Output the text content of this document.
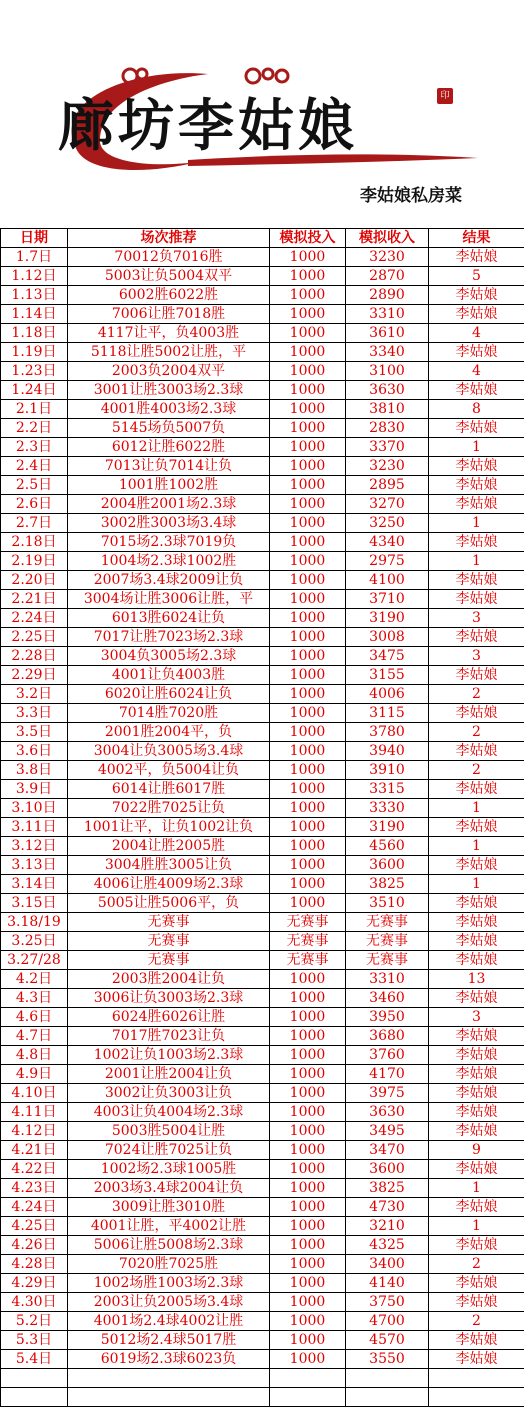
廊坊李姑娘	印
李姑娘私房菜
日期	场次推荐	模拟投入	模拟收入	结果
1.7日	70012负7016胜	1000	3230	李姑娘
1.12日	5003让负5004双平	1000	2870	5
1.13日	6002胜6022胜	1000	2890	李姑娘
1.14日	7006让胜7018胜	1000	3310	李姑娘
1.18日	4117让平，负4003胜	1000	3610	4
1.19日	5118让胜5002让胜，平	1000	3340	李姑娘
1.23日	2003负2004双平	1000	3100	4
1.24日	3001让胜3003场2.3球	1000	3630	李姑娘
2.1日	4001胜4003场2.3球	1000	3810	8
2.2日	5145场负5007负	1000	2830	李姑娘
2.3日	6012让胜6022胜	1000	3370	1
2.4日	7013让负7014让负	1000	3230	李姑娘
2.5日	1001胜1002胜	1000	2895	李姑娘
2.6日	2004胜2001场2.3球	1000	3270	李姑娘
2.7日	3002胜3003场3.4球	1000	3250	1
2.18日	7015场2.3球7019负	1000	4340	李姑娘
2.19日	1004场2.3球1002胜	1000	2975	1
2.20日	2007场3.4球2009让负	1000	4100	李姑娘
2.21日	3004场让胜3006让胜，平	1000	3710	李姑娘
2.24日	6013胜6024让负	1000	3190	3
2.25日	7017让胜7023场2.3球	1000	3008	李姑娘
2.28日	3004负3005场2.3球	1000	3475	3
2.29日	4001让负4003胜	1000	3155	李姑娘
3.2日	6020让胜6024让负	1000	4006	2
3.3日	7014胜7020胜	1000	3115	李姑娘
3.5日	2001胜2004平，负	1000	3780	2
3.6日	3004让负3005场3.4球	1000	3940	李姑娘
3.8日	4002平，负5004让负	1000	3910	2
3.9日	6014让胜6017胜	1000	3315	李姑娘
3.10日	7022胜7025让负	1000	3330	1
3.11日	1001让平，让负1002让负	1000	3190	李姑娘
3.12日	2004让胜2005胜	1000	4560	1
3.13日	3004胜胜3005让负	1000	3600	李姑娘
3.14日	4006让胜4009场2.3球	1000	3825	1
3.15日	5005让胜5006平，负	1000	3510	李姑娘
3.18/19	无赛事	无赛事	无赛事	李姑娘
3.25日	无赛事	无赛事	无赛事	李姑娘
3.27/28	无赛事	无赛事	无赛事	李姑娘
4.2日	2003胜2004让负	1000	3310	13
4.3日	3006让负3003场2.3球	1000	3460	李姑娘
4.6日	6024胜6026让胜	1000	3950	3
4.7日	7017胜7023让负	1000	3680	李姑娘
4.8日	1002让负1003场2.3球	1000	3760	李姑娘
4.9日	2001让胜2004让负	1000	4170	李姑娘
4.10日	3002让负3003让负	1000	3975	李姑娘
4.11日	4003让负4004场2.3球	1000	3630	李姑娘
4.12日	5003胜5004让胜	1000	3495	李姑娘
4.21日	7024让胜7025让负	1000	3470	9
4.22日	1002场2.3球1005胜	1000	3600	李姑娘
4.23日	2003场3.4球2004让负	1000	3825	1
4.24日	3009让胜3010胜	1000	4730	李姑娘
4.25日	4001让胜，平4002让胜	1000	3210	1
4.26日	5006让胜5008场2.3球	1000	4325	李姑娘
4.28日	7020胜7025胜	1000	3400	2
4.29日	1002场胜1003场2.3球	1000	4140	李姑娘
4.30日	2003让负2005场3.4球	1000	3750	李姑娘
5.2日	4001场2.4球4002让胜	1000	4700	2
5.3日	5012场2.4球5017胜	1000	4570	李姑娘
5.4日	6019场2.3球6023负	1000	3550	李姑娘
